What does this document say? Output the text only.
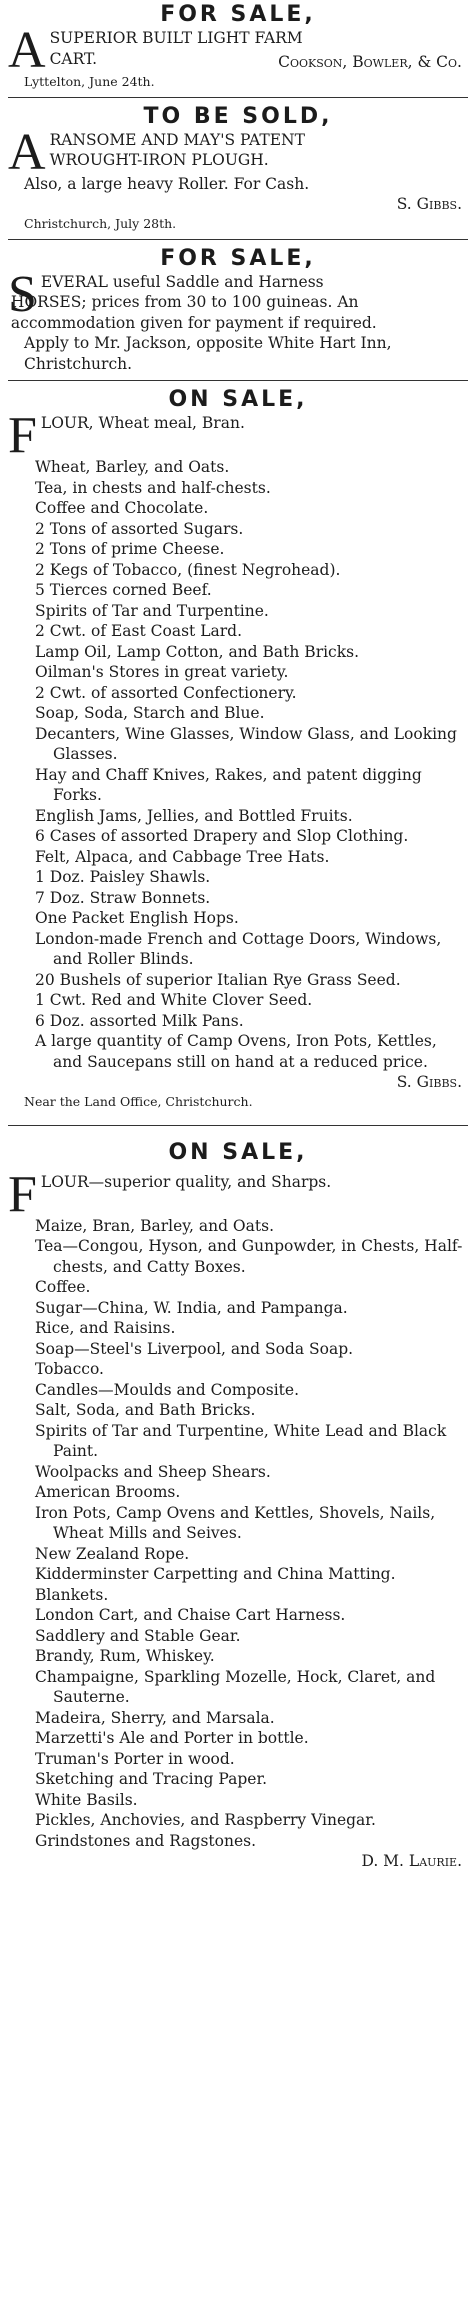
FOR SALE,
A SUPERIOR BUILT LIGHT FARM

CART.	Cookson, Bowler, & Co.

Lyttelton, June 24th.

TO BE SOLD,
A RANSOME AND MAY'S PATENT

WROUGHT-IRON PLOUGH.

Also, a large heavy Roller. For Cash.

S. Gibbs.

Christchurch, July 28th.

FOR SALE,
S EVERAL useful Saddle and Harness

HORSES; prices from 30 to 100 guineas. An accommodation given for payment if required.

Apply to Mr. Jackson, opposite White Hart Inn, Christchurch.

ON SALE,
F LOUR, Wheat meal, Bran.

Wheat, Barley, and Oats.
Tea, in chests and half-chests.
Coffee and Chocolate.
2 Tons of assorted Sugars.
2 Tons of prime Cheese.
2 Kegs of Tobacco, (finest Negrohead).
5 Tierces corned Beef.
Spirits of Tar and Turpentine.
2 Cwt. of East Coast Lard.
Lamp Oil, Lamp Cotton, and Bath Bricks.
Oilman's Stores in great variety.
2 Cwt. of assorted Confectionery.
Soap, Soda, Starch and Blue.
Decanters, Wine Glasses, Window Glass, and Looking Glasses.
Hay and Chaff Knives, Rakes, and patent digging Forks.
English Jams, Jellies, and Bottled Fruits.
6 Cases of assorted Drapery and Slop Clothing.
Felt, Alpaca, and Cabbage Tree Hats.
1 Doz. Paisley Shawls.
7 Doz. Straw Bonnets.
One Packet English Hops.
London-made French and Cottage Doors, Windows, and Roller Blinds.
20 Bushels of superior Italian Rye Grass Seed.
1 Cwt. Red and White Clover Seed.
6 Doz. assorted Milk Pans.
A large quantity of Camp Ovens, Iron Pots, Kettles, and Saucepans still on hand at a reduced price.

S. Gibbs.

Near the Land Office, Christchurch.

ON SALE,
F LOUR—superior quality, and Sharps.

Maize, Bran, Barley, and Oats.
Tea—Congou, Hyson, and Gunpowder, in Chests, Half-chests, and Catty Boxes.
Coffee.
Sugar—China, W. India, and Pampanga.
Rice, and Raisins.
Soap—Steel's Liverpool, and Soda Soap.
Tobacco.
Candles—Moulds and Composite.
Salt, Soda, and Bath Bricks.
Spirits of Tar and Turpentine, White Lead and Black Paint.
Woolpacks and Sheep Shears.
American Brooms.
Iron Pots, Camp Ovens and Kettles, Shovels, Nails, Wheat Mills and Seives.
New Zealand Rope.
Kidderminster Carpetting and China Matting.
Blankets.
London Cart, and Chaise Cart Harness.
Saddlery and Stable Gear.
Brandy, Rum, Whiskey.
Champaigne, Sparkling Mozelle, Hock, Claret, and Sauterne.
Madeira, Sherry, and Marsala.
Marzetti's Ale and Porter in bottle.
Truman's Porter in wood.
Sketching and Tracing Paper.
White Basils.
Pickles, Anchovies, and Raspberry Vinegar.
Grindstones and Ragstones.

D. M. Laurie.
